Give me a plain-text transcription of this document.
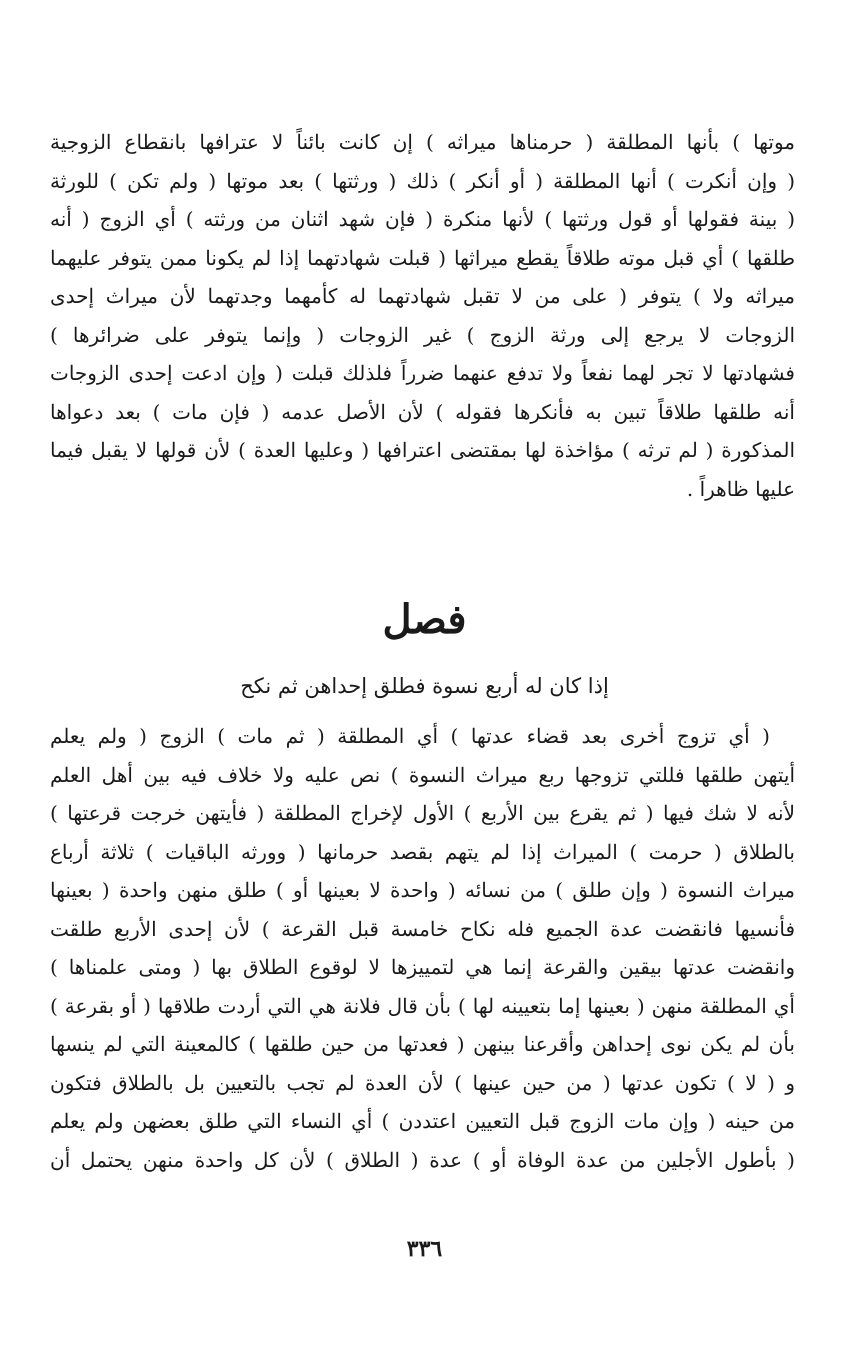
موتها ) بأنها المطلقة ( حرمناها ميراثه ) إن كانت بائناً لا عترافها بانقطاع الزوجية
( وإن أنكرت ) أنها المطلقة ( أو أنكر ) ذلك ( ورثتها ) بعد موتها ( ولم تكن ) للورثة
( بينة فقولها أو قول ورثتها ) لأنها منكرة ( فإن شهد اثنان من ورثته ) أي الزوج ( أنه
طلقها ) أي قبل موته طلاقاً يقطع ميراثها ( قبلت شهادتهما إذا لم يكونا ممن يتوفر عليهما
ميراثه ولا ) يتوفر ( على من لا تقبل شهادتهما له كأمهما وجدتهما لأن ميراث إحدى
الزوجات لا يرجع إلى ورثة الزوج ) غير الزوجات ( وإنما يتوفر على ضرائرها )
فشهادتها لا تجر لهما نفعاً ولا تدفع عنهما ضرراً فلذلك قبلت ( وإن ادعت إحدى الزوجات
أنه طلقها طلاقاً تبين به فأنكرها فقوله ) لأن الأصل عدمه ( فإن مات ) بعد دعواها
المذكورة ( لم ترثه ) مؤاخذة لها بمقتضى اعترافها ( وعليها العدة ) لأن قولها لا يقبل فيما
عليها ظاهراً .
فصل
إذا كان له أربع نسوة فطلق إحداهن ثم نكح
( أي تزوج أخرى بعد قضاء عدتها ) أي المطلقة ( ثم مات ) الزوج ( ولم يعلم
أيتهن طلقها فللتي تزوجها ربع ميراث النسوة ) نص عليه ولا خلاف فيه بين أهل العلم
لأنه لا شك فيها ( ثم يقرع بين الأربع ) الأول لإخراج المطلقة ( فأيتهن خرجت قرعتها )
بالطلاق ( حرمت ) الميراث إذا لم يتهم بقصد حرمانها ( وورثه الباقيات ) ثلاثة أرباع
ميراث النسوة ( وإن طلق ) من نسائه ( واحدة لا بعينها أو ) طلق منهن واحدة ( بعينها
فأنسيها فانقضت عدة الجميع فله نكاح خامسة قبل القرعة ) لأن إحدى الأربع طلقت
وانقضت عدتها بيقين والقرعة إنما هي لتمييزها لا لوقوع الطلاق بها ( ومتى علمناها )
أي المطلقة منهن ( بعينها إما بتعيينه لها ) بأن قال فلانة هي التي أردت طلاقها ( أو بقرعة )
بأن لم يكن نوى إحداهن وأقرعنا بينهن ( فعدتها من حين طلقها ) كالمعينة التي لم ينسها
و ( لا ) تكون عدتها ( من حين عينها ) لأن العدة لم تجب بالتعيين بل بالطلاق فتكون
من حينه ( وإن مات الزوج قبل التعيين اعتددن ) أي النساء التي طلق بعضهن ولم يعلم
( بأطول الأجلين من عدة الوفاة أو ) عدة ( الطلاق ) لأن كل واحدة منهن يحتمل أن
٣٣٦
